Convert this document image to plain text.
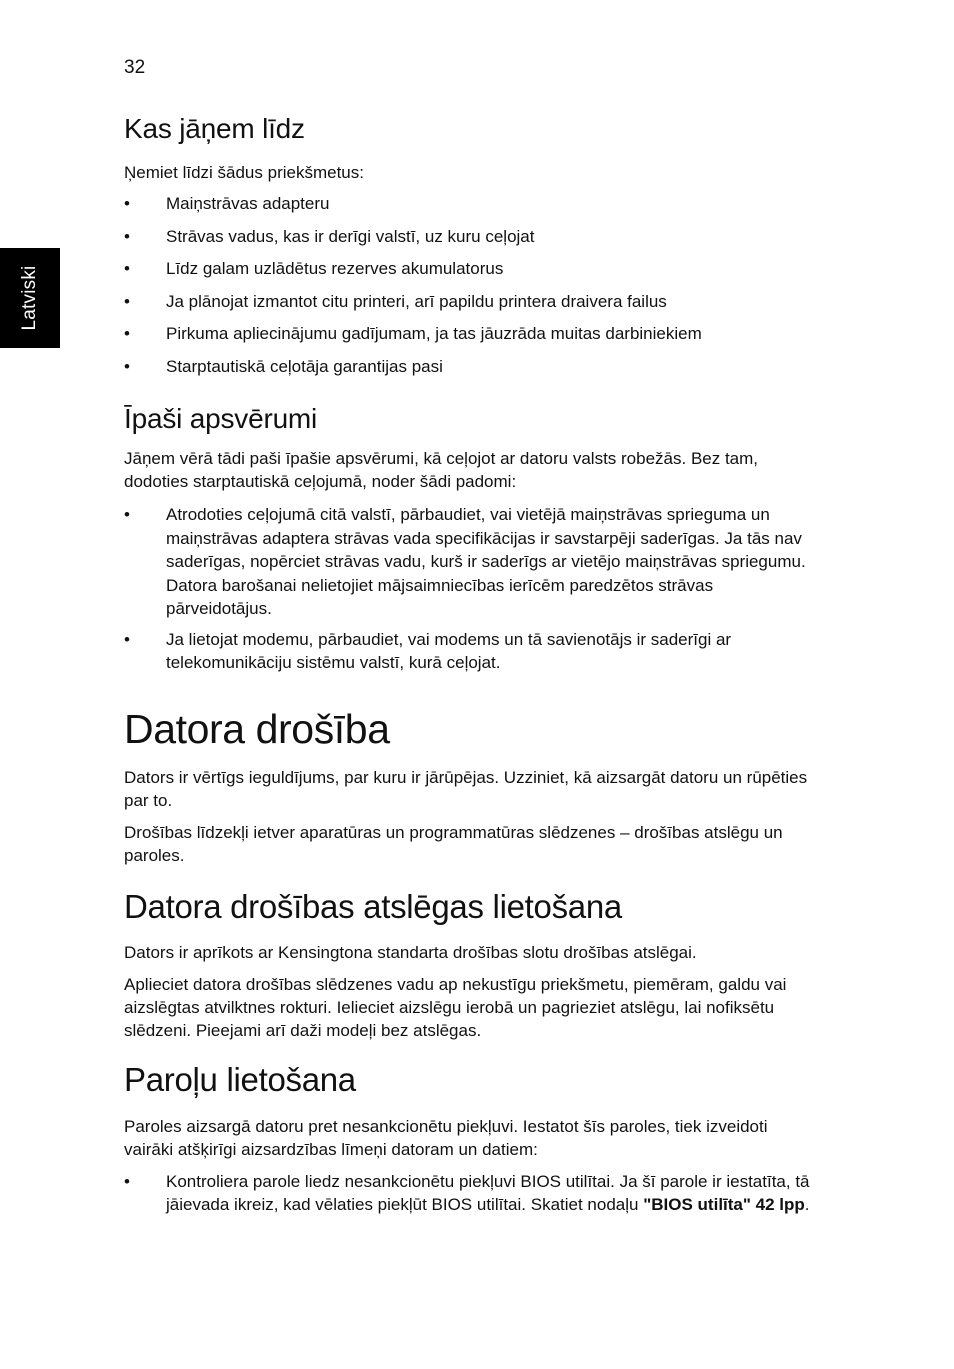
32
Latviski
Kas jāņem līdz

Ņemiet līdzi šādus priekšmetus:

• Maiņstrāvas adapteru
• Strāvas vadus, kas ir derīgi valstī, uz kuru ceļojat
• Līdz galam uzlādētus rezerves akumulatorus
• Ja plānojat izmantot citu printeri, arī papildu printera draivera failus
• Pirkuma apliecinājumu gadījumam, ja tas jāuzrāda muitas darbiniekiem
• Starptautiskā ceļotāja garantijas pasi
Īpaši apsvērumi

Jāņem vērā tādi paši īpašie apsvērumi, kā ceļojot ar datoru valsts robežās. Bez tam, dodoties starptautiskā ceļojumā, noder šādi padomi:

• Atrodoties ceļojumā citā valstī, pārbaudiet, vai vietējā maiņstrāvas sprieguma un maiņstrāvas adaptera strāvas vada specifikācijas ir savstarpēji saderīgas. Ja tās nav saderīgas, nopērciet strāvas vadu, kurš ir saderīgs ar vietējo maiņstrāvas spriegumu. Datora barošanai nelietojiet mājsaimniecības ierīcēm paredzētos strāvas pārveidotājus.
• Ja lietojat modemu, pārbaudiet, vai modems un tā savienotājs ir saderīgi ar telekomunikāciju sistēmu valstī, kurā ceļojat.
Datora drošība

Dators ir vērtīgs ieguldījums, par kuru ir jārūpējas. Uzziniet, kā aizsargāt datoru un rūpēties par to.

Drošības līdzekļi ietver aparatūras un programmatūras slēdzenes – drošības atslēgu un paroles.

Datora drošības atslēgas lietošana

Dators ir aprīkots ar Kensingtona standarta drošības slotu drošības atslēgai.

Aplieciet datora drošības slēdzenes vadu ap nekustīgu priekšmetu, piemēram, galdu vai aizslēgtas atvilktnes rokturi. Ielieciet aizslēgu ierobā un pagrieziet atslēgu, lai nofiksētu slēdzeni. Pieejami arī daži modeļi bez atslēgas.

Paroļu lietošana

Paroles aizsargā datoru pret nesankcionētu piekļuvi. Iestatot šīs paroles, tiek izveidoti vairāki atšķirīgi aizsardzības līmeņi datoram un datiem:

• Kontroliera parole liedz nesankcionētu piekļuvi BIOS utilītai. Ja šī parole ir iestatīta, tā jāievada ikreiz, kad vēlaties piekļūt BIOS utilītai. Skatiet nodaļu "BIOS utilīta" 42 lpp.
